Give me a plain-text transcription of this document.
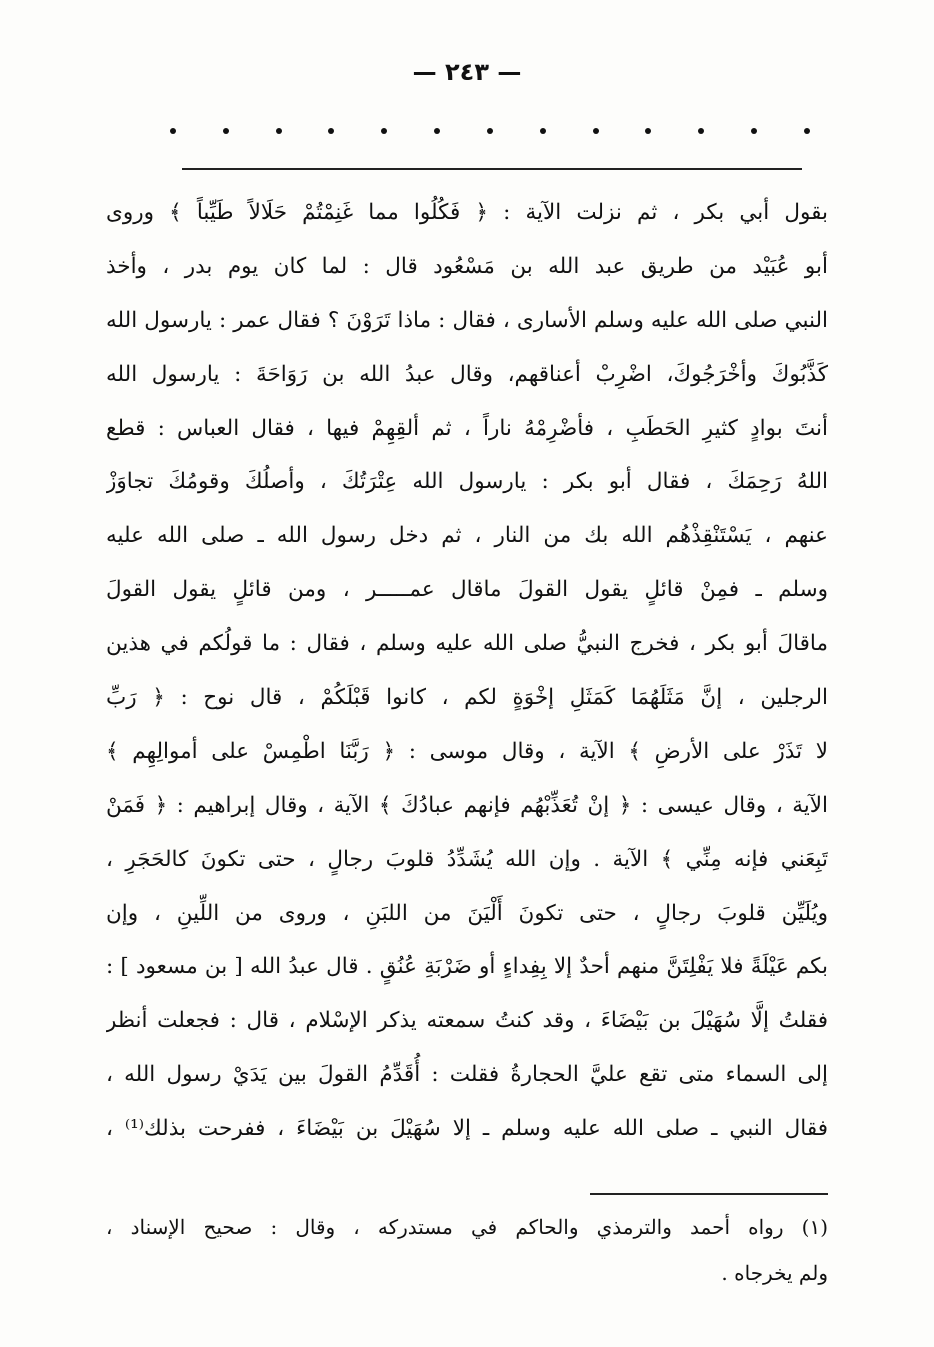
— ٢٤٣ —
بقول أبي بكر ، ثم نزلت الآية : ﴿ فَكُلُوا مما غَنِمْتُمْ حَلَالاً طَيِّباً ﴾ وروى
أبو عُبَيْد من طريق عبد الله بن مَسْعُود قال : لما كان يوم بدر ، وأخذ
النبي صلى الله عليه وسلم الأسارى ، فقال : ماذا تَرَوْنَ ؟ فقال عمر : يارسول الله
كَذَّبُوكَ وأخْرَجُوكَ، اضْرِبْ أعناقهم، وقال عبدُ الله بن رَوَاحَةَ : يارسول الله
أنتَ بوادٍ كثيرِ الحَطَبِ ، فأضْرِمْهُ ناراً ، ثم ألقِهِمْ فيها ، فقال العباس : قطع
اللهُ رَحِمَكَ ، فقال أبو بكر : يارسول الله عِتْرَتُكَ ، وأصلُكَ وقومُكَ تجاوَزْ
عنهم ، يَسْتَنْقِذْهُم الله بك من النار ، ثم دخل رسول الله ـ صلى الله عليه
وسلم ـ فمِنْ قائلٍ يقول القولَ ماقال عمـــــر ، ومن قائلٍ يقول القولَ
ماقالَ أبو بكر ، فخرج النبيُّ صلى الله عليه وسلم ، فقال : ما قولُكم في هذين
الرجلين ، إنَّ مَثَلَهُمَا كَمَثَلِ إخْوَةٍ لكم ، كانوا قَبْلَكُمْ ، قال نوح : ﴿ رَبِّ
لا تَذَرْ على الأرضِ ﴾ الآية ، وقال موسى : ﴿ رَبَّنَا اطْمِسْ على أموالِهِم ﴾
الآية ، وقال عيسى : ﴿ إنْ تُعَذِّبْهُم فإنهم عبادُكَ ﴾ الآية ، وقال إبراهيم : ﴿ فَمَنْ
تَبِعَني فإنه مِنِّي ﴾ الآية . وإن الله يُشَدِّدُ قلوبَ رجالٍ ، حتى تكونَ كالحَجَرِ ،
ويُلَيِّن قلوبَ رجالٍ ، حتى تكونَ أَلْيَنَ من اللبَنِ ، وروى من اللِّينِ ، وإن
بكم عَيْلَةً فلا يَفْلِتَنَّ منهم أحدٌ إلا بِفِداءٍ أو ضَرْبَةِ عُنُقٍ . قال عبدُ الله [ بن مسعود ] :
فقلتُ إلَّا سُهَيْلَ بن بَيْضَاءَ ، وقد كنتُ سمعته يذكر الإسْلام ، قال : فجعلت أنظر
إلى السماء متى تقع عليَّ الحجارةُ فقلت : أُقَدِّمُ القولَ بين يَدَيْ رسول الله ،
فقال النبي ـ صلى الله عليه وسلم ـ إلا سُهَيْلَ بن بَيْضَاءَ ، ففرحت بذلك⁽¹⁾ ،
(١) رواه أحمد والترمذي والحاكم في مستدركه ، وقال : صحيح الإسناد ،
ولم يخرجاه .
